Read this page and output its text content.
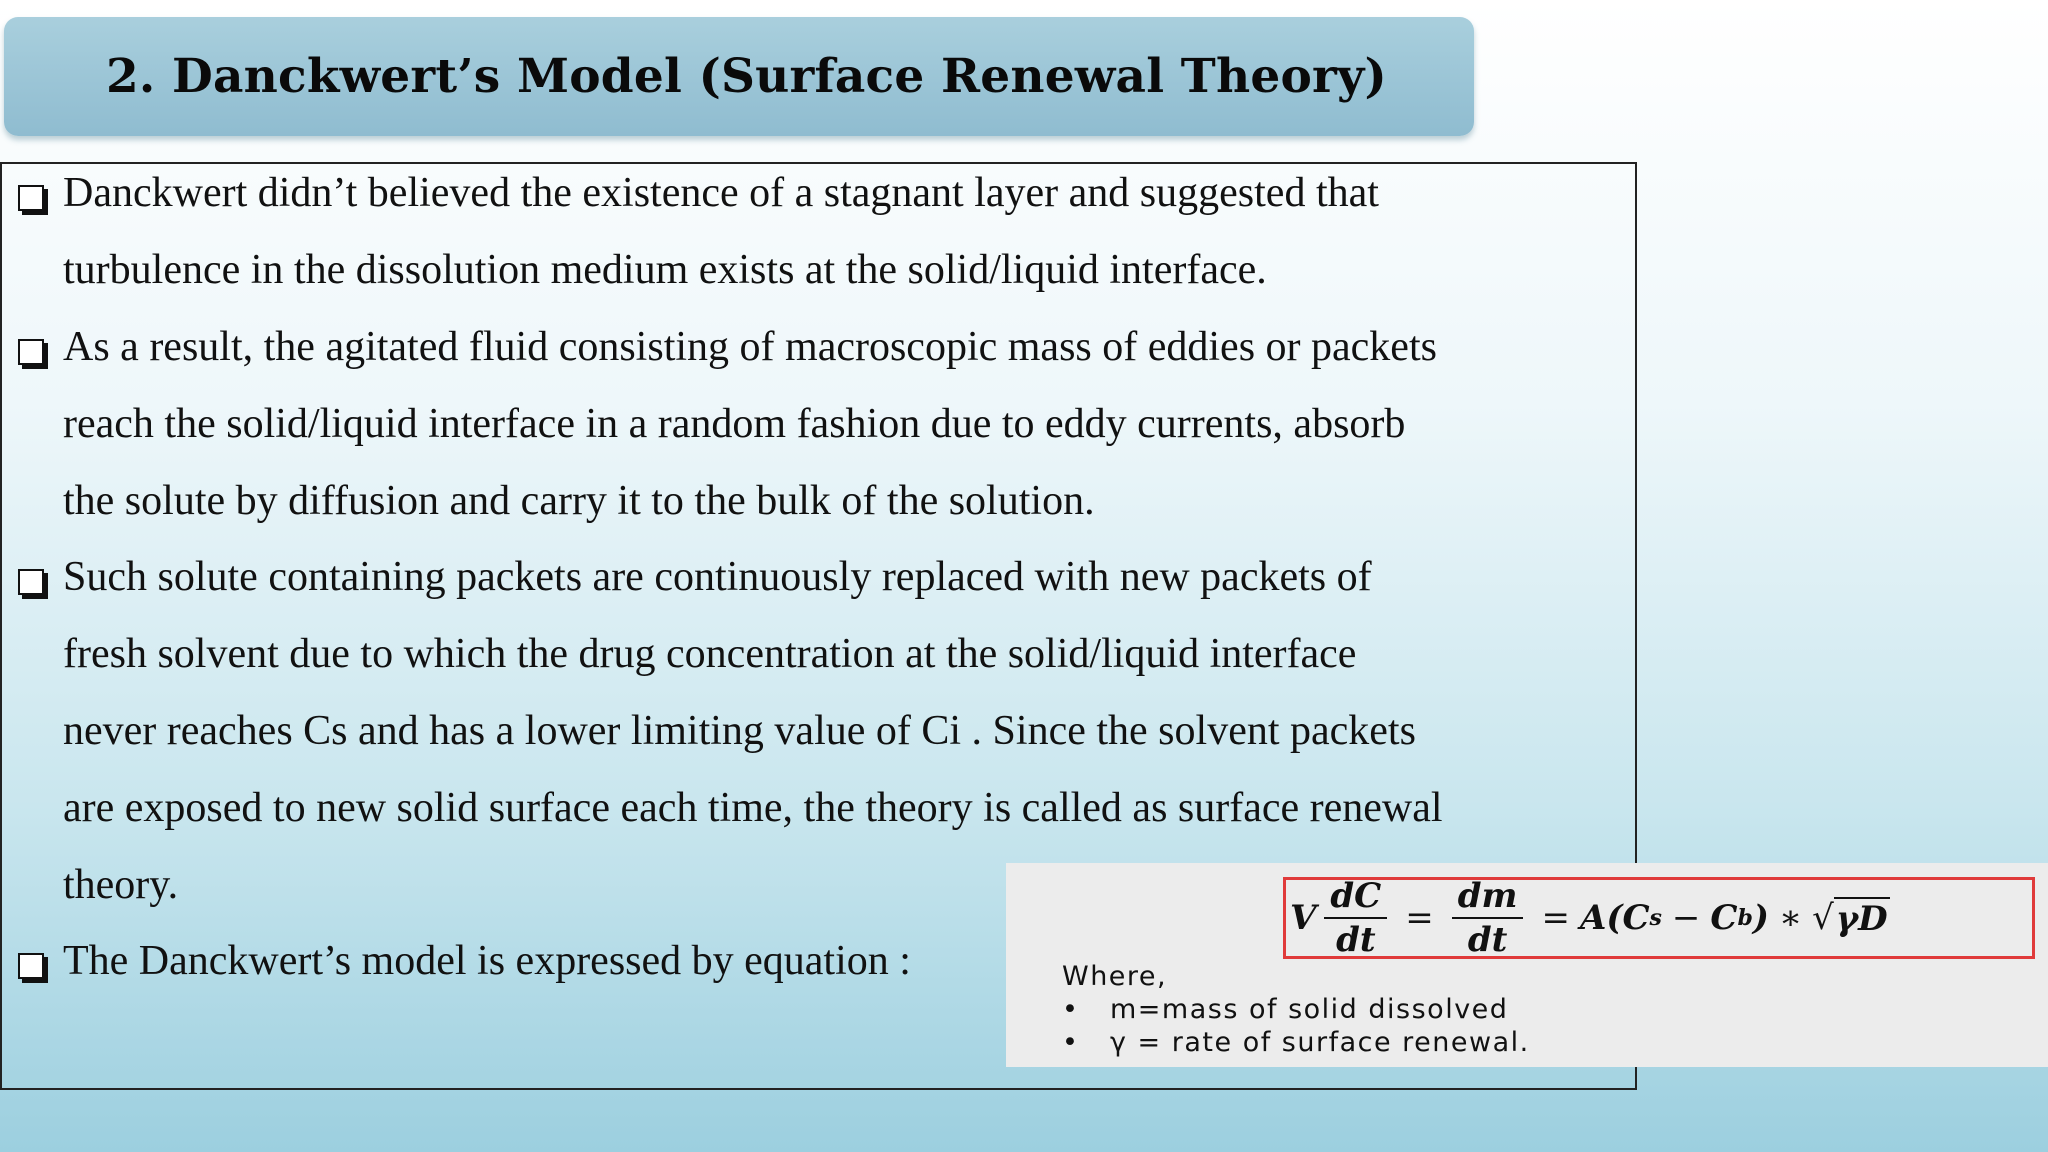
2. Danckwert’s Model (Surface Renewal Theory)
Danckwert didn’t believed the existence of a stagnant layer and suggested that
turbulence in the dissolution medium exists at the solid/liquid interface.
As a result, the agitated fluid consisting of macroscopic mass of eddies or packets
reach the solid/liquid interface in a random fashion due to eddy currents, absorb
the solute by diffusion and carry it to the bulk of the solution.
Such solute containing packets are continuously replaced with new packets of
fresh solvent due to which the drug concentration at the solid/liquid interface
never reaches Cs and has a lower limiting value of Ci . Since the solvent packets
are exposed to new solid surface each time, the theory is called as surface renewal
theory.
The Danckwert’s model is expressed by equation :
V $\frac{dC}{dt} = \frac{dm}{dt} = A(C$ s − C b ) ∗ √ γD
Where,
• m=mass of solid dissolved
• γ = rate of surface renewal.
